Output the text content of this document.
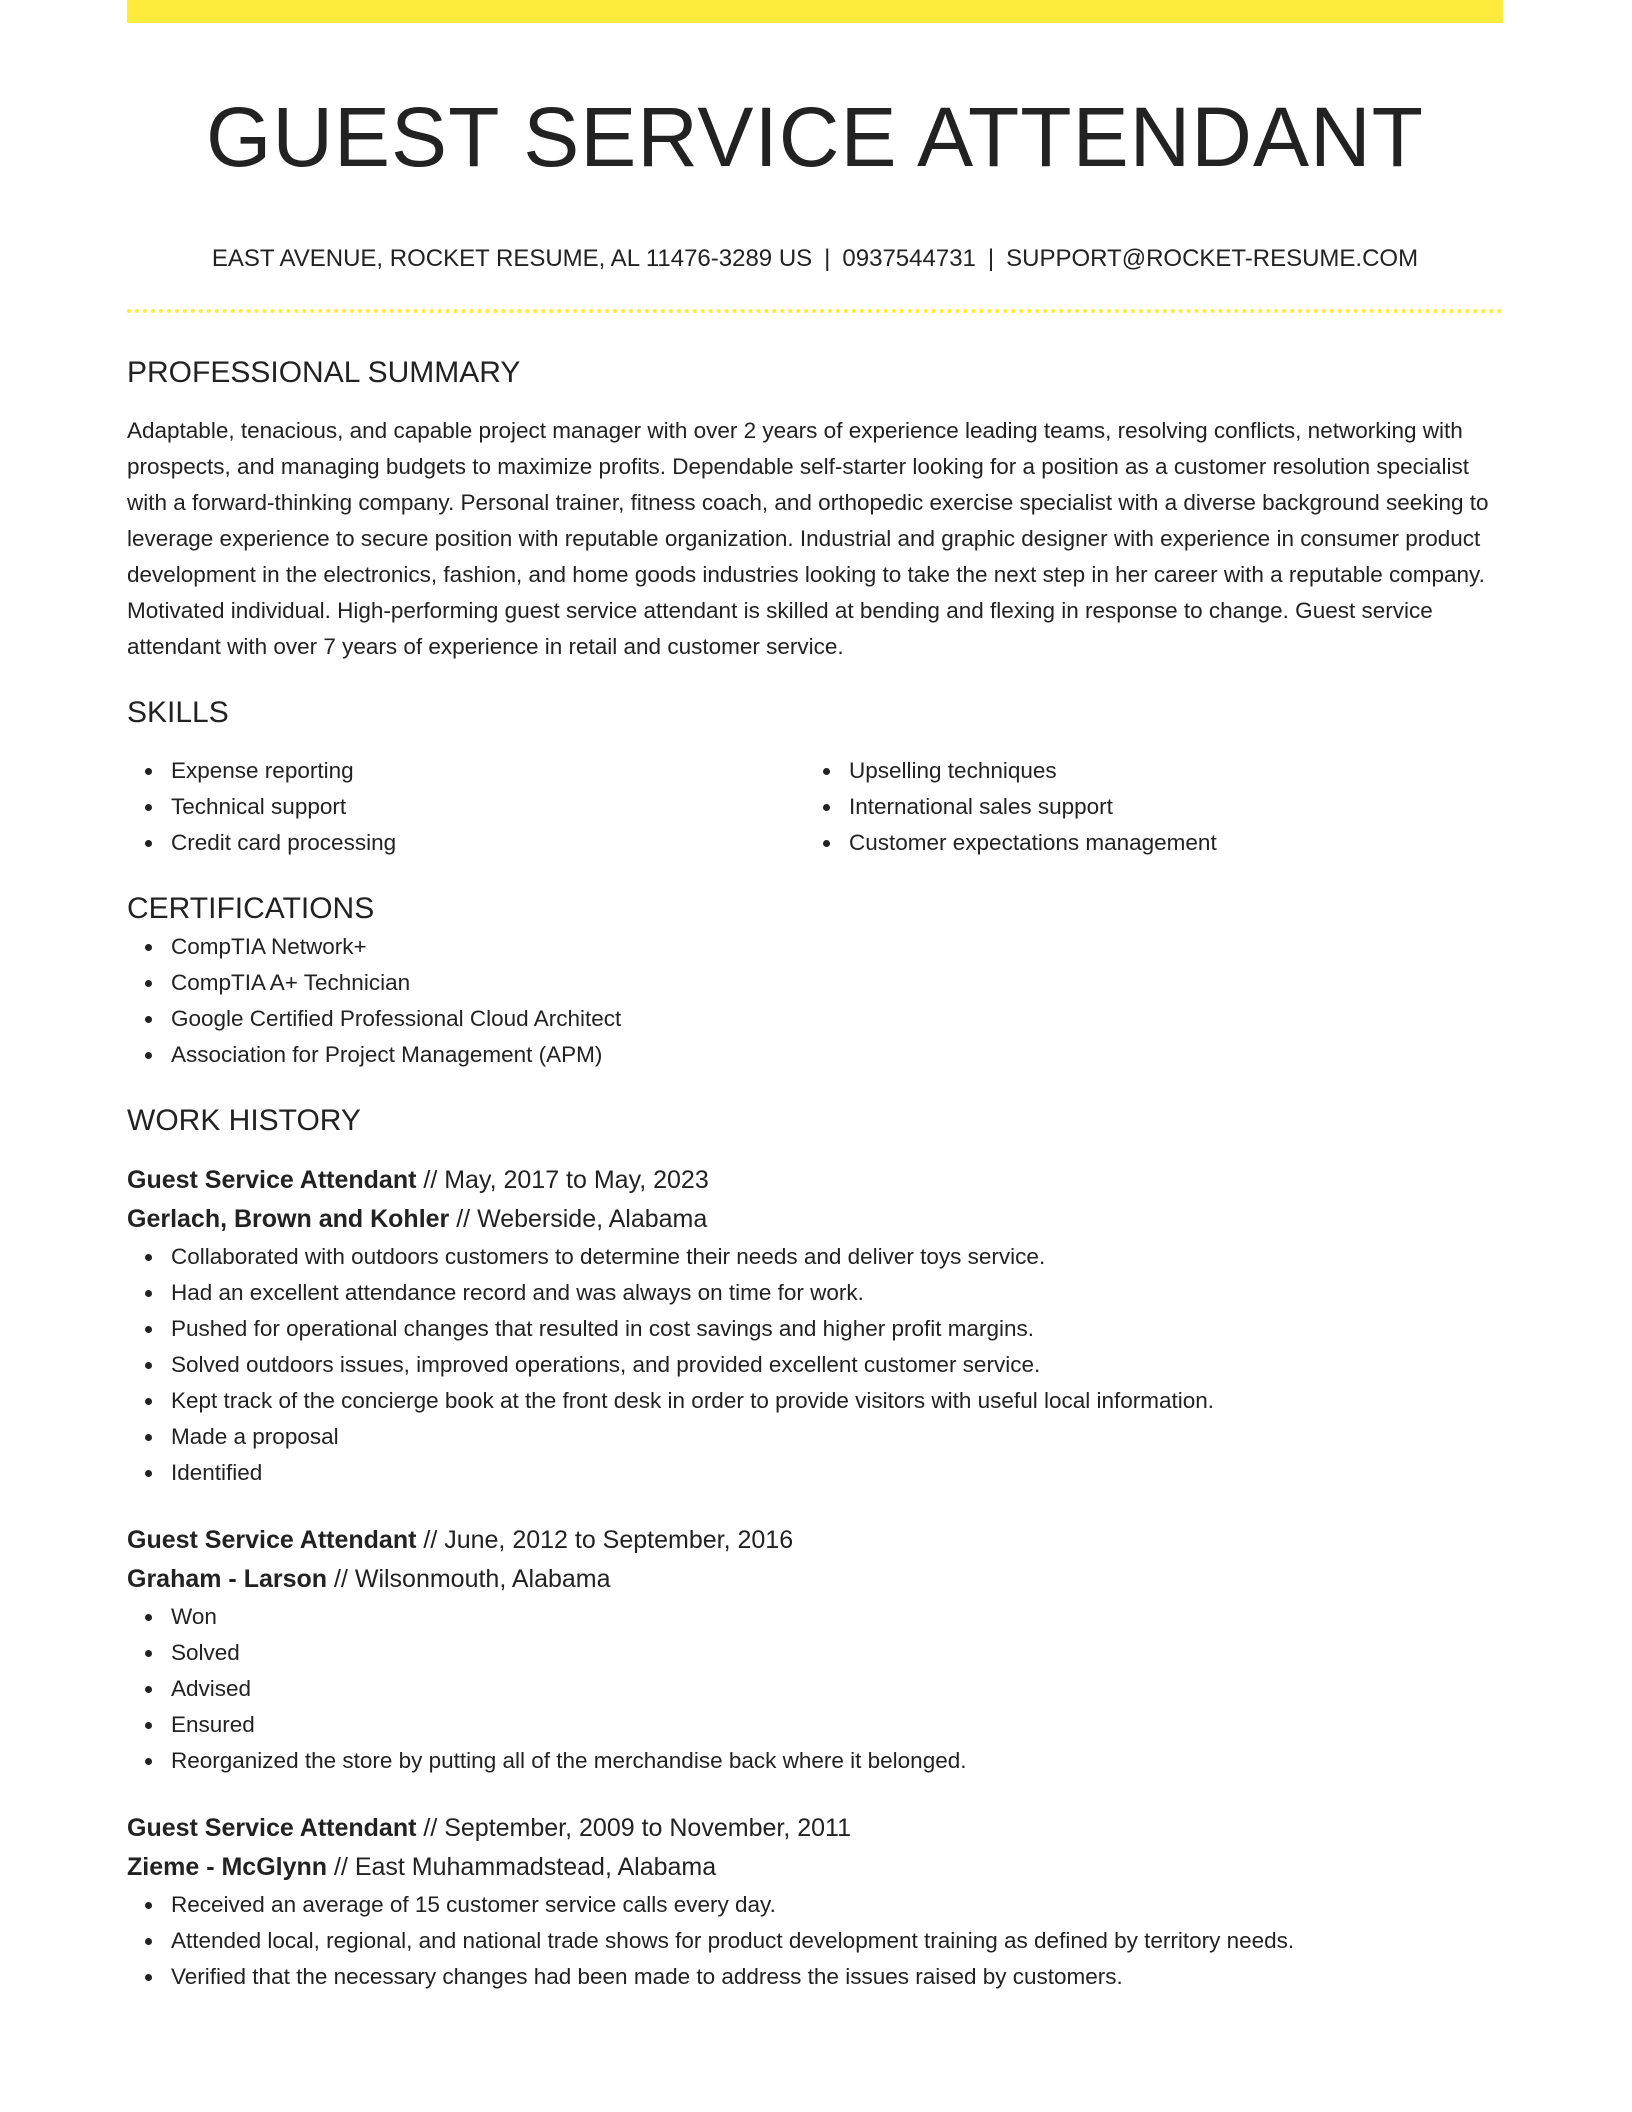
GUEST SERVICE ATTENDANT
EAST AVENUE, ROCKET RESUME, AL 11476-3289 US | 0937544731 | SUPPORT@ROCKET-RESUME.COM
PROFESSIONAL SUMMARY

Adaptable, tenacious, and capable project manager with over 2 years of experience leading teams, resolving conflicts, networking with prospects, and managing budgets to maximize profits. Dependable self-starter looking for a position as a customer resolution specialist with a forward-thinking company. Personal trainer, fitness coach, and orthopedic exercise specialist with a diverse background seeking to leverage experience to secure position with reputable organization. Industrial and graphic designer with experience in consumer product development in the electronics, fashion, and home goods industries looking to take the next step in her career with a reputable company. Motivated individual. High-performing guest service attendant is skilled at bending and flexing in response to change. Guest service attendant with over 7 years of experience in retail and customer service.

SKILLS
Expense reporting
Technical support
Credit card processing
Upselling techniques
International sales support
Customer expectations management
CERTIFICATIONS
CompTIA Network+
CompTIA A+ Technician
Google Certified Professional Cloud Architect
Association for Project Management (APM)
WORK HISTORY
Guest Service Attendant // May, 2017 to May, 2023
Gerlach, Brown and Kohler // Weberside, Alabama
Collaborated with outdoors customers to determine their needs and deliver toys service.
Had an excellent attendance record and was always on time for work.
Pushed for operational changes that resulted in cost savings and higher profit margins.
Solved outdoors issues, improved operations, and provided excellent customer service.
Kept track of the concierge book at the front desk in order to provide visitors with useful local information.
Made a proposal
Identified
Guest Service Attendant // June, 2012 to September, 2016
Graham - Larson // Wilsonmouth, Alabama
Won
Solved
Advised
Ensured
Reorganized the store by putting all of the merchandise back where it belonged.
Guest Service Attendant // September, 2009 to November, 2011
Zieme - McGlynn // East Muhammadstead, Alabama
Received an average of 15 customer service calls every day.
Attended local, regional, and national trade shows for product development training as defined by territory needs.
Verified that the necessary changes had been made to address the issues raised by customers.
